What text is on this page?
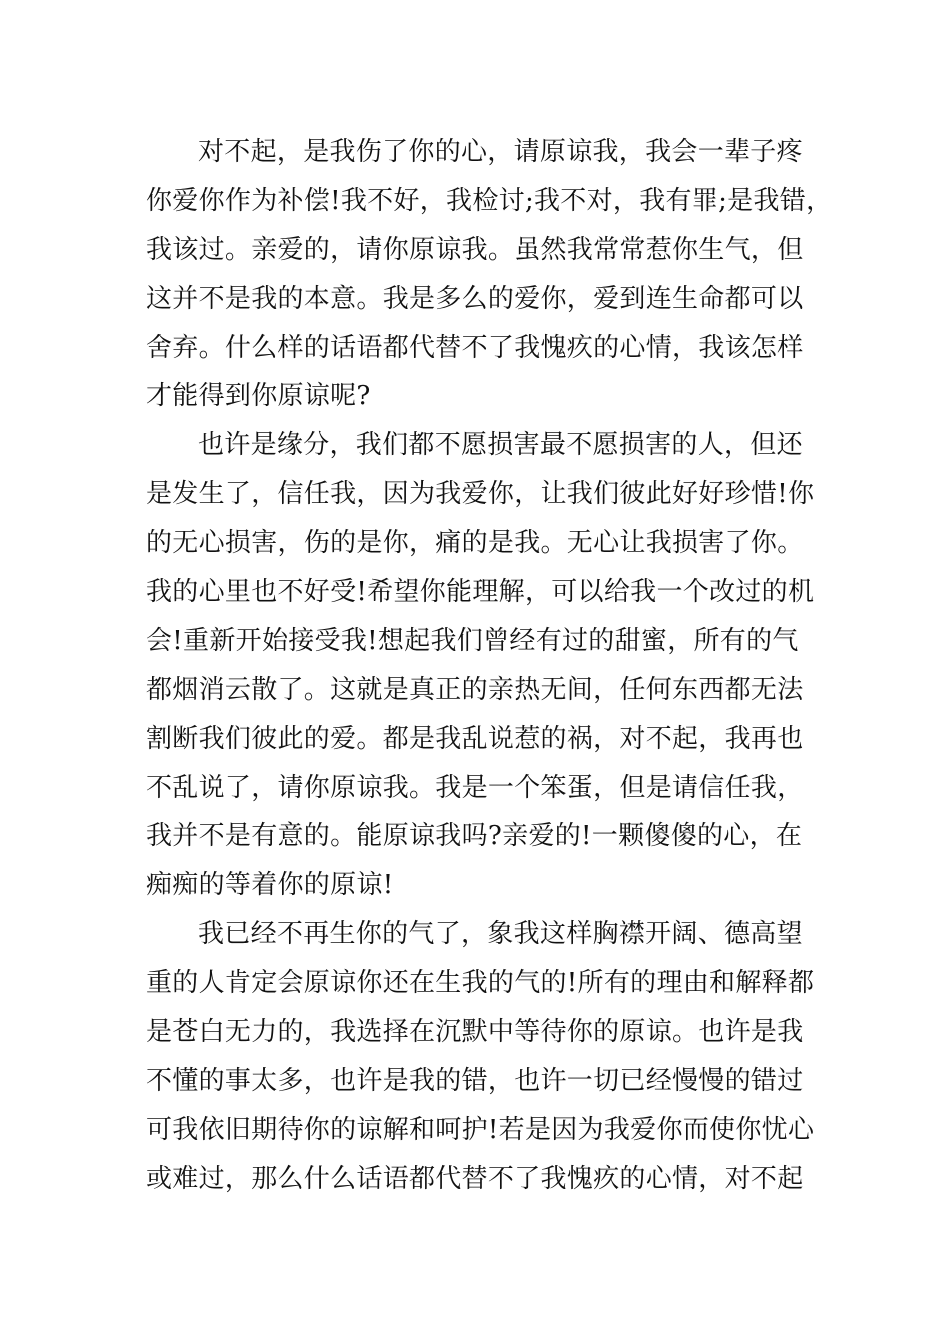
对不起，是我伤了你的心，请原谅我，我会一辈子疼
你爱你作为补偿!我不好，我检讨;我不对，我有罪;是我错，
我该过。亲爱的，请你原谅我。虽然我常常惹你生气，但
这并不是我的本意。我是多么的爱你，爱到连生命都可以
舍弃。什么样的话语都代替不了我愧疚的心情，我该怎样
才能得到你原谅呢?
也许是缘分，我们都不愿损害最不愿损害的人，但还
是发生了，信任我，因为我爱你，让我们彼此好好珍惜!你
的无心损害，伤的是你，痛的是我。无心让我损害了你。
我的心里也不好受!希望你能理解，可以给我一个改过的机
会!重新开始接受我!想起我们曾经有过的甜蜜，所有的气
都烟消云散了。这就是真正的亲热无间，任何东西都无法
割断我们彼此的爱。都是我乱说惹的祸，对不起，我再也
不乱说了，请你原谅我。我是一个笨蛋，但是请信任我，
我并不是有意的。能原谅我吗?亲爱的!一颗傻傻的心，在
痴痴的等着你的原谅!
我已经不再生你的气了，象我这样胸襟开阔、德高望
重的人肯定会原谅你还在生我的气的!所有的理由和解释都
是苍白无力的，我选择在沉默中等待你的原谅。也许是我
不懂的事太多，也许是我的错，也许一切已经慢慢的错过
可我依旧期待你的谅解和呵护!若是因为我爱你而使你忧心
或难过，那么什么话语都代替不了我愧疚的心情，对不起
